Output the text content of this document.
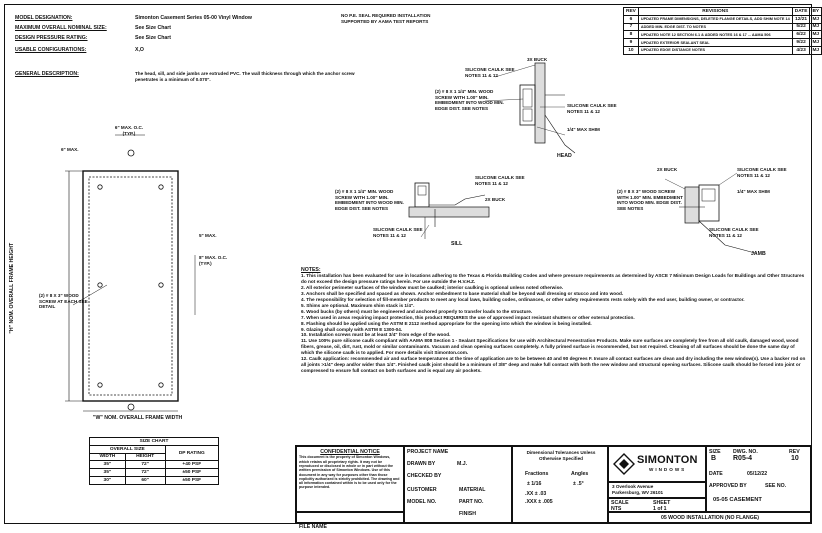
MODEL DESIGNATION:	Simonton Casement Series 05-00 Vinyl Window
MAXIMUM OVERALL NOMINAL SIZE:	See Size Chart
DESIGN PRESSURE RATING:	See Size Chart
USABLE CONFIGURATIONS:	X,O
GENERAL DESCRIPTION:	The head, sill, and side jambs are extruded PVC. The wall thickness through which the anchor screw penetrates is a minimum of 0.070".
NO P.E. SEAL REQUIRED INSTALLATION SUPPORTED BY AAMA TEST REPORTS
REV	REVISIONS	DATE	BY
6	UPDATED FRAME DIMENSIONS, DELETED FLANGE DETAILS, ADD SHIM NOTE 14	12/21	MJ
7	ADDED MIN. EDGE DIST. TO NOTES	5/22	MJ
8	UPDATED NOTE 12 SECTION 6.1 & ADDED NOTES 16 & 17 ... AAMA 506	6/22	MJ
9	UPDATED EXTERIOR SEALANT SEAL	9/22	MJ
10	UPDATED EDGE DISTANCE NOTES	4/23	MJ
6" MAX. O.C. (TYP.)
6" MAX.
8" MAX. O.C. (TYP.)
5" MAX.
(2) # 8 X 3" WOOD SCREW AT EACH SEE DETAIL
"W" NOM. OVERALL FRAME WIDTH
"H" NOM. OVERALL FRAME HEIGHT
SIZE CHART		
OVERALL SIZE		DP RATING
WIDTH	HEIGHT	
35"	72"	+40 PSF
35"	72"	±50 PSF
30"	60"	±50 PSF
3X BUCK
SILICONE CAULK SEE NOTES 11 & 12
(2) # 8 X 1 1/4" MIN. WOOD SCREW WITH 1.00" MIN. EMBEDMENT INTO WOOD MIN. EDGE DIST. SEE NOTES
SILICONE CAULK SEE NOTES 11 & 12
1/4" MAX SHIM
HEAD
SILICONE CAULK SEE NOTES 11 & 12
(2) # 8 X 1 1/4" MIN. WOOD SCREW WITH 1.00" MIN. EMBEDMENT INTO WOOD MIN. EDGE DIST. SEE NOTES
2X BUCK
SILICONE CAULK SEE NOTES 11 & 12
SILL
2X BUCK	SILICONE CAULK SEE NOTES 11 & 12
1/4" MAX SHIM
(2) # 8 X 3" WOOD SCREW WITH 1.00" MIN. EMBEDMENT INTO WOOD MIN. EDGE DIST. SEE NOTES
SILICONE CAULK SEE NOTES 11 & 12
JAMB
NOTES:
1. This installation has been evaluated for use in locations adhering to the Texas & Florida Building Codes and where pressure requirements as determined by ASCE 7 Minimum Design Loads for Buildings and Other Structures do not exceed the design pressure ratings herein. For use outside the H.V.H.Z.
2. All exterior perimeter surfaces of the window must be caulked; interior caulking is optional unless noted otherwise.
3. Anchors shall be specified and spaced as shown. Anchor embedment to base material shall be beyond wall dressing or stucco and into wood.
4. The responsibility for selection of fill-member products to meet any local laws, building codes, ordinances, or other safety requirements rests solely with the end user, building owner, or contractor.
5. Shims are optional. Maximum shim stack is 1/4".
6. Wood bucks (by others) must be engineered and anchored properly to transfer loads to the structure.
7. When used in areas requiring impact protection, this product REQUIRES the use of approved impact resistant shutters or other external protection.
8. Flashing should be applied using the ASTM E 2112 method appropriate for the opening into which the window is being installed.
9. Glazing shall comply with ASTM E 1300-04.
10. Installation screws must be at least 3/4" from edge of the wood.
11. Use 100% pure silicone caulk compliant with AAMA 808 Section 1 - Sealant Specifications for use with Architectural Fenestration Products. Make sure surfaces are completely free from all old caulk, damaged wood, wood fibers, grease, oil, dirt, rust, mold or similar contaminants. Vacuum and clean opening surfaces completely. A fully primed surface is recommended, but not required. Cleaning of all surfaces should be done the same day of which the silicone caulk is to applied. For more details visit Simonton.com.
12. Caulk application: recommended air and surface temperatures at the time of application are to be between 40 and 90 degrees F. Insure all contact surfaces are clean and dry including the new window(s). Use a backer rod on all joints >1/4" deep and/or wider than 1/4". Finished caulk joint should be a minimum of 3/8" deep and make full contact with both the new window and structural opening surfaces. Silicone caulk should be forced into joint or compressed to ensure full contact on both surfaces and is equal any air pockets.
CONFIDENTIAL NOTICE
This document is the property of Simonton Windows, which retains all proprietary rights. It may not be reproduced or disclosed in whole or in part without the written permission of Simonton Windows. Use of this document in any way for purposes other than those explicitly authorized is strictly prohibited. The drawing and all information contained within is to be used only for the purpose intended.
FILE NAME
PROJECT NAME
DRAWN BY	M.J.
CHECKED BY
CUSTOMER
MODEL NO.
MATERIAL
PART NO.
FINISH
Dimensional Tolerances Unless Otherwise Specified
Fractions	Angles
± 1/16	± .5°
.XX ± .03
.XXX ± .005
SIMONTON
WINDOWS
3 Overlook Avenue
Parkersburg, WV 26101
SCALE
NTS
SHEET
1 of 1
SIZE
B
DWG. NO.
R05-4
REV
10
DATE	05/12/22
APPROVED BY	SEE NO.
05-05 CASEMENT
05 WOOD INSTALLATION (NO FLANGE)
